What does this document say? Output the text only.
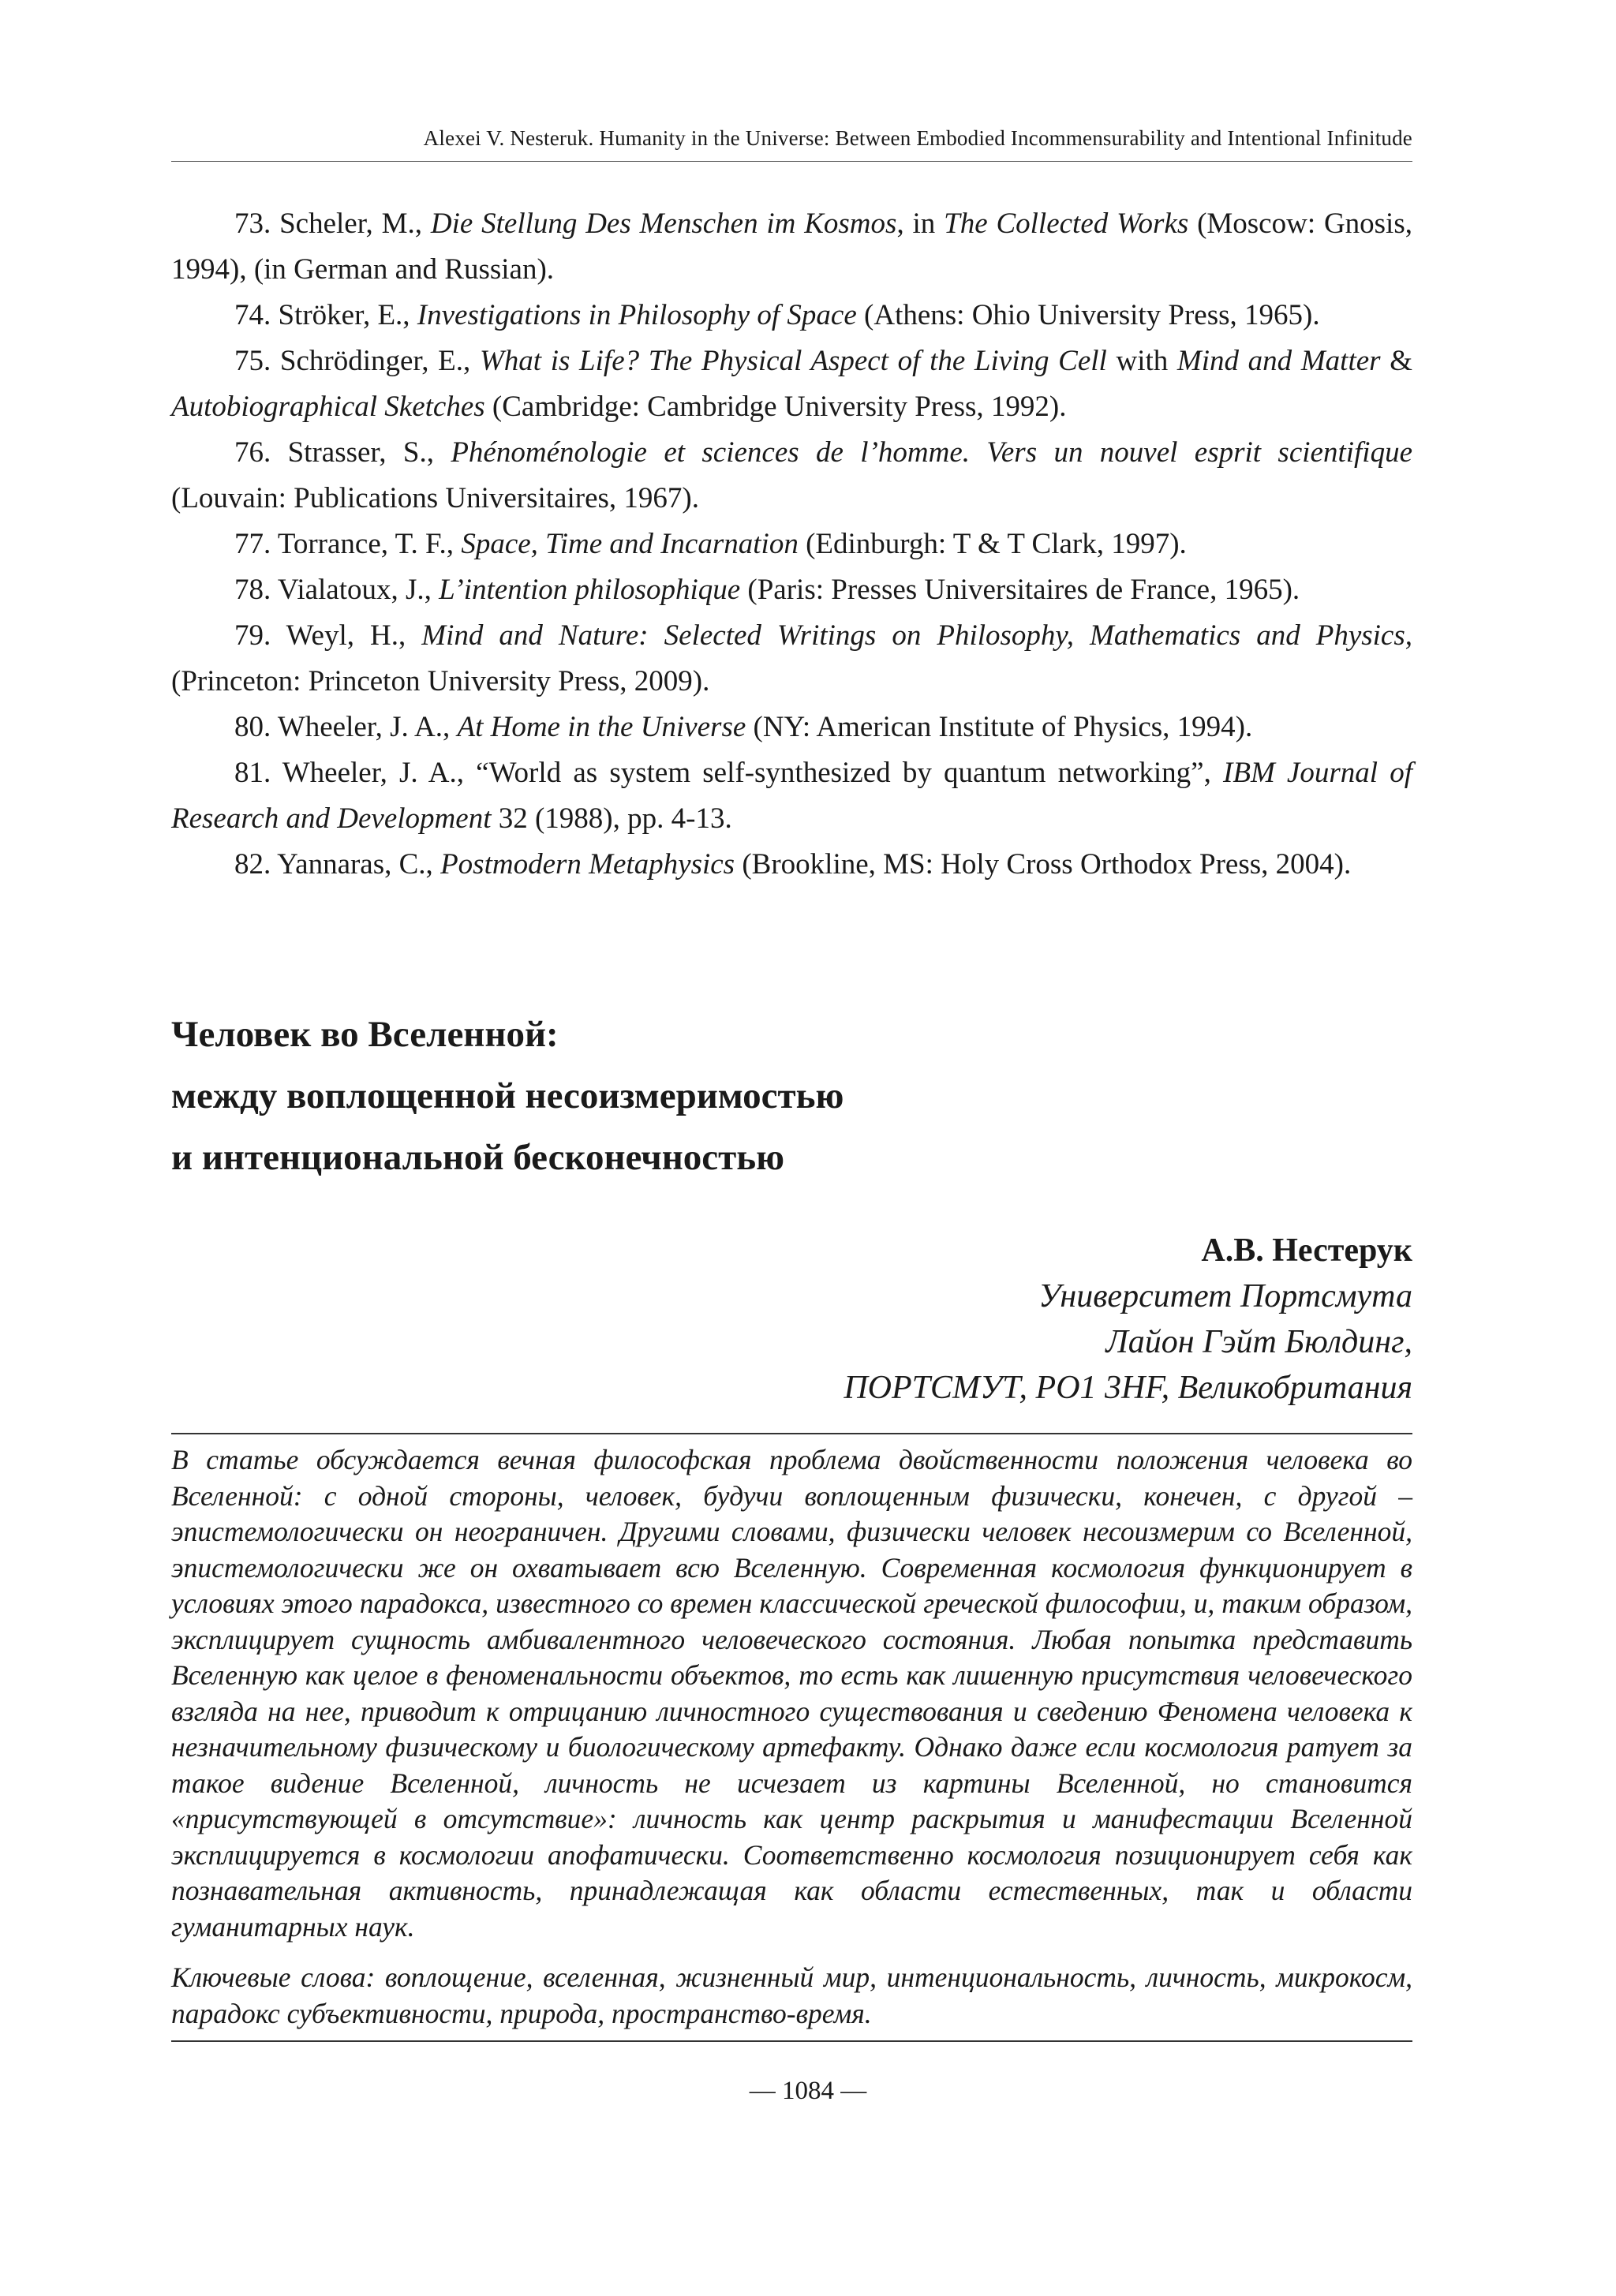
Alexei V. Nesteruk. Humanity in the Universe: Between Embodied Incommensurability and Intentional Infinitude
73. Scheler, M., Die Stellung Des Menschen im Kosmos, in The Collected Works (Moscow: Gnosis, 1994), (in German and Russian).
74. Ströker, E., Investigations in Philosophy of Space (Athens: Ohio University Press, 1965).
75. Schrödinger, E., What is Life? The Physical Aspect of the Living Cell with Mind and Matter & Autobiographical Sketches (Cambridge: Cambridge University Press, 1992).
76. Strasser, S., Phénoménologie et sciences de l’homme. Vers un nouvel esprit scientifique (Louvain: Publications Universitaires, 1967).
77. Torrance, T. F., Space, Time and Incarnation (Edinburgh: T & T Clark, 1997).
78. Vialatoux, J., L’intention philosophique (Paris: Presses Universitaires de France, 1965).
79. Weyl, H., Mind and Nature: Selected Writings on Philosophy, Mathematics and Physics, (Princeton: Princeton University Press, 2009).
80. Wheeler, J. A., At Home in the Universe (NY: American Institute of Physics, 1994).
81. Wheeler, J. A., “World as system self-synthesized by quantum networking”, IBM Journal of Research and Development 32 (1988), pp. 4-13.
82. Yannaras, C., Postmodern Metaphysics (Brookline, MS: Holy Cross Orthodox Press, 2004).
Человек во Вселенной:
между воплощенной несоизмеримостью
и интенциональной бесконечностью
А.В. Нестерук
Университет Портсмута
Лайон Гэйт Бюлдинг,
ПОРТСМУТ, PO1 3HF, Великобритания
В статье обсуждается вечная философская проблема двойственности положения человека во Вселенной: с одной стороны, человек, будучи воплощенным физически, конечен, с другой – эпистемологически он неограничен. Другими словами, физически человек несоизмерим со Вселенной, эпистемологически же он охватывает всю Вселенную. Современная космология функционирует в условиях этого парадокса, известного со времен классической греческой философии, и, таким образом, эксплицирует сущность амбивалентного человеческого состояния. Любая попытка представить Вселенную как целое в феноменальности объектов, то есть как лишенную присутствия человеческого взгляда на нее, приводит к отрицанию личностного существования и сведению Феномена человека к незначительному физическому и биологическому артефакту. Однако даже если космология ратует за такое видение Вселенной, личность не исчезает из картины Вселенной, но становится «присутствующей в отсутствие»: личность как центр раскрытия и манифестации Вселенной эксплицируется в космологии апофатически. Соответственно космология позиционирует себя как познавательная активность, принадлежащая как области естественных, так и области гуманитарных наук.
Ключевые слова: воплощение, вселенная, жизненный мир, интенциональность, личность, микрокосм, парадокс субъективности, природа, пространство-время.
— 1084 —
